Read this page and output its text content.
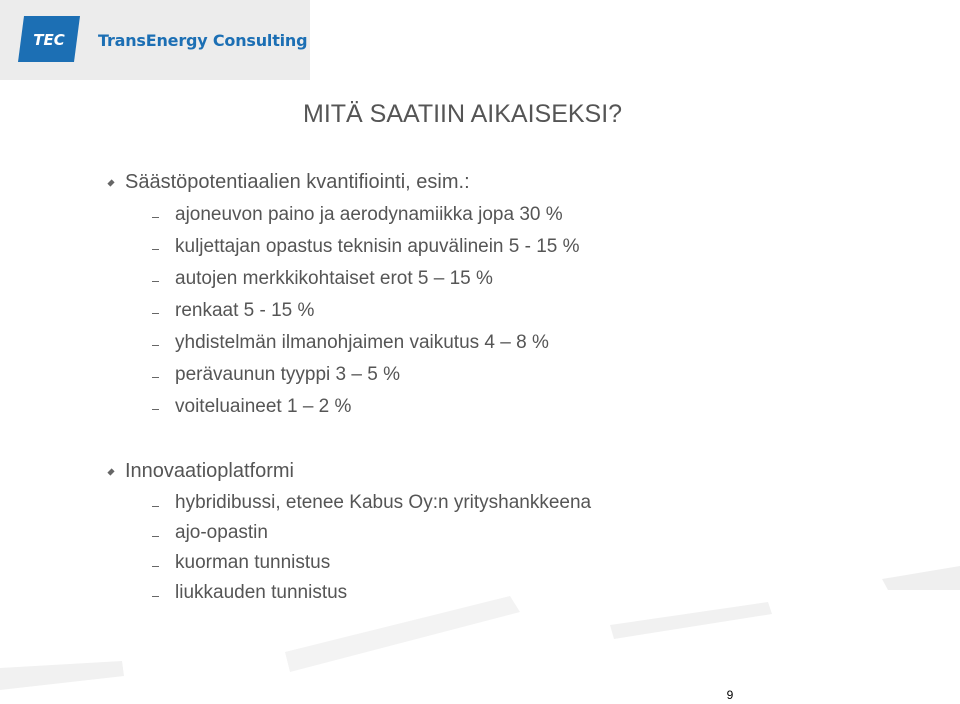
TEC TransEnergy Consulting
MITÄ SAATIIN AIKAISEKSI?
Säästöpotentiaalien kvantifiointi, esim.:
ajoneuvon paino ja aerodynamiikka jopa 30 %
kuljettajan opastus teknisin apuvälinein 5 - 15 %
autojen merkkikohtaiset erot 5 – 15 %
renkaat 5 - 15 %
yhdistelmän ilmanohjaimen vaikutus 4 – 8 %
perävaunun tyyppi 3 – 5 %
voiteluaineet 1 – 2 %
Innovaatioplatformi
hybridibussi, etenee Kabus Oy:n yrityshankkeena
ajo-opastin
kuorman tunnistus
liukkauden tunnistus
9
